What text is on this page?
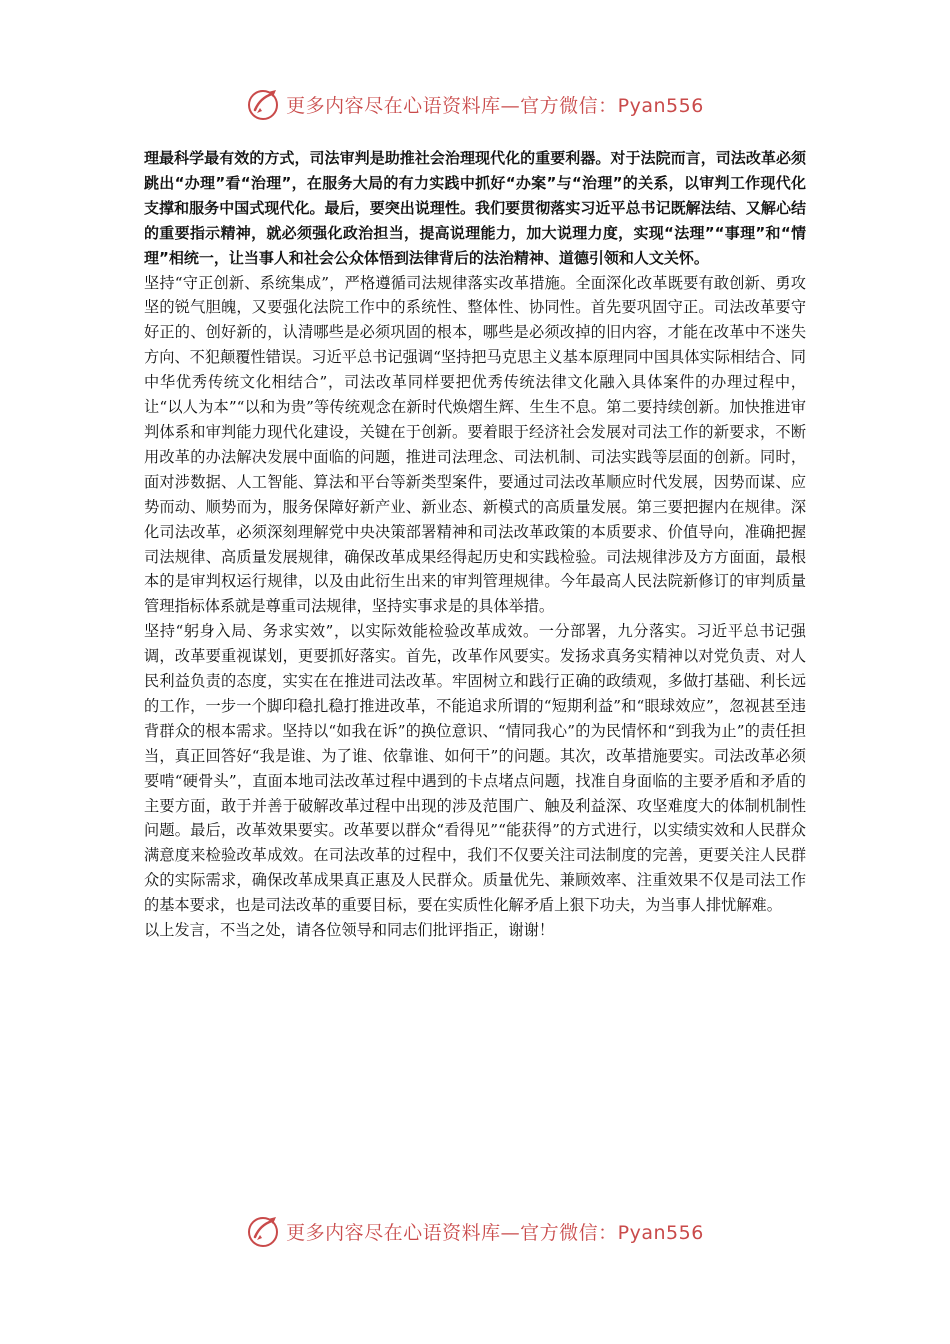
更多内容尽在心语资料库—官方微信：Pyan556

理最科学最有效的方式，司法审判是助推社会治理现代化的重要利器。对于法院而言，司法改革必须跳出“办理”看“治理”，在服务大局的有力实践中抓好“办案”与“治理”的关系，以审判工作现代化支撑和服务中国式现代化。最后，要突出说理性。我们要贯彻落实习近平总书记既解法结、又解心结的重要指示精神，就必须强化政治担当，提高说理能力，加大说理力度，实现“法理”“事理”和“情理”相统一，让当事人和社会公众体悟到法律背后的法治精神、道德引领和人文关怀。

坚持“守正创新、系统集成”，严格遵循司法规律落实改革措施。全面深化改革既要有敢创新、勇攻坚的锐气胆魄，又要强化法院工作中的系统性、整体性、协同性。首先要巩固守正。司法改革要守好正的、创好新的，认清哪些是必须巩固的根本，哪些是必须改掉的旧内容，才能在改革中不迷失方向、不犯颠覆性错误。习近平总书记强调“坚持把马克思主义基本原理同中国具体实际相结合、同中华优秀传统文化相结合”，司法改革同样要把优秀传统法律文化融入具体案件的办理过程中，让“以人为本”“以和为贵”等传统观念在新时代焕熠生辉、生生不息。第二要持续创新。加快推进审判体系和审判能力现代化建设，关键在于创新。要着眼于经济社会发展对司法工作的新要求，不断用改革的办法解决发展中面临的问题，推进司法理念、司法机制、司法实践等层面的创新。同时，面对涉数据、人工智能、算法和平台等新类型案件，要通过司法改革顺应时代发展，因势而谋、应势而动、顺势而为，服务保障好新产业、新业态、新模式的高质量发展。第三要把握内在规律。深化司法改革，必须深刻理解党中央决策部署精神和司法改革政策的本质要求、价值导向，准确把握司法规律、高质量发展规律，确保改革成果经得起历史和实践检验。司法规律涉及方方面面，最根本的是审判权运行规律，以及由此衍生出来的审判管理规律。今年最高人民法院新修订的审判质量管理指标体系就是尊重司法规律，坚持实事求是的具体举措。

坚持“躬身入局、务求实效”，以实际效能检验改革成效。一分部署，九分落实。习近平总书记强调，改革要重视谋划，更要抓好落实。首先，改革作风要实。发扬求真务实精神以对党负责、对人民利益负责的态度，实实在在推进司法改革。牢固树立和践行正确的政绩观，多做打基础、利长远的工作，一步一个脚印稳扎稳打推进改革，不能追求所谓的“短期利益”和“眼球效应”，忽视甚至违背群众的根本需求。坚持以“如我在诉”的换位意识、“情同我心”的为民情怀和“到我为止”的责任担当，真正回答好“我是谁、为了谁、依靠谁、如何干”的问题。其次，改革措施要实。司法改革必须要啃“硬骨头”，直面本地司法改革过程中遇到的卡点堵点问题，找准自身面临的主要矛盾和矛盾的主要方面，敢于并善于破解改革过程中出现的涉及范围广、触及利益深、攻坚难度大的体制机制性问题。最后，改革效果要实。改革要以群众“看得见”“能获得”的方式进行，以实绩实效和人民群众满意度来检验改革成效。在司法改革的过程中，我们不仅要关注司法制度的完善，更要关注人民群众的实际需求，确保改革成果真正惠及人民群众。质量优先、兼顾效率、注重效果不仅是司法工作的基本要求，也是司法改革的重要目标，要在实质性化解矛盾上狠下功夫，为当事人排忧解难。

以上发言，不当之处，请各位领导和同志们批评指正，谢谢！

更多内容尽在心语资料库—官方微信：Pyan556
